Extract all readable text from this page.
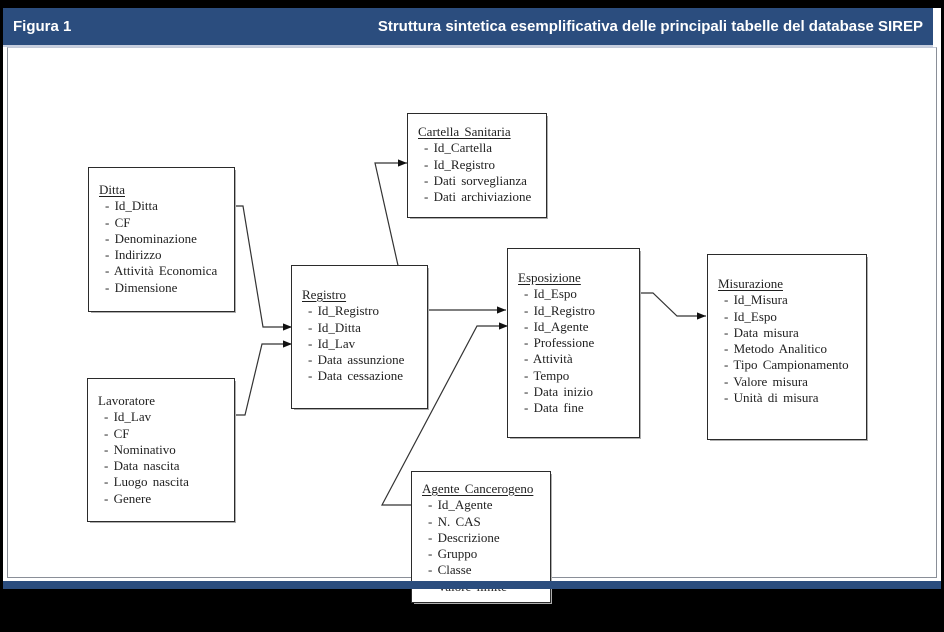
Figura 1	Struttura sintetica esemplificativa delle principali tabelle del database SIREP
Ditta
- Id_Ditta
- CF
- Denominazione
- Indirizzo
- Attività Economica
- Dimensione
Lavoratore
- Id_Lav
- CF
- Nominativo
- Data nascita
- Luogo nascita
- Genere
Registro
- Id_Registro
- Id_Ditta
- Id_Lav
- Data assunzione
- Data cessazione
Cartella Sanitaria
- Id_Cartella
- Id_Registro
- Dati sorveglianza
- Dati archiviazione
Esposizione
- Id_Espo
- Id_Registro
- Id_Agente
- Professione
- Attività
- Tempo
- Data inizio
- Data fine
Misurazione
- Id_Misura
- Id_Espo
- Data misura
- Metodo Analitico
- Tipo Campionamento
- Valore misura
- Unità di misura
Agente Cancerogeno
- Id_Agente
- N. CAS
- Descrizione
- Gruppo
- Classe
-
